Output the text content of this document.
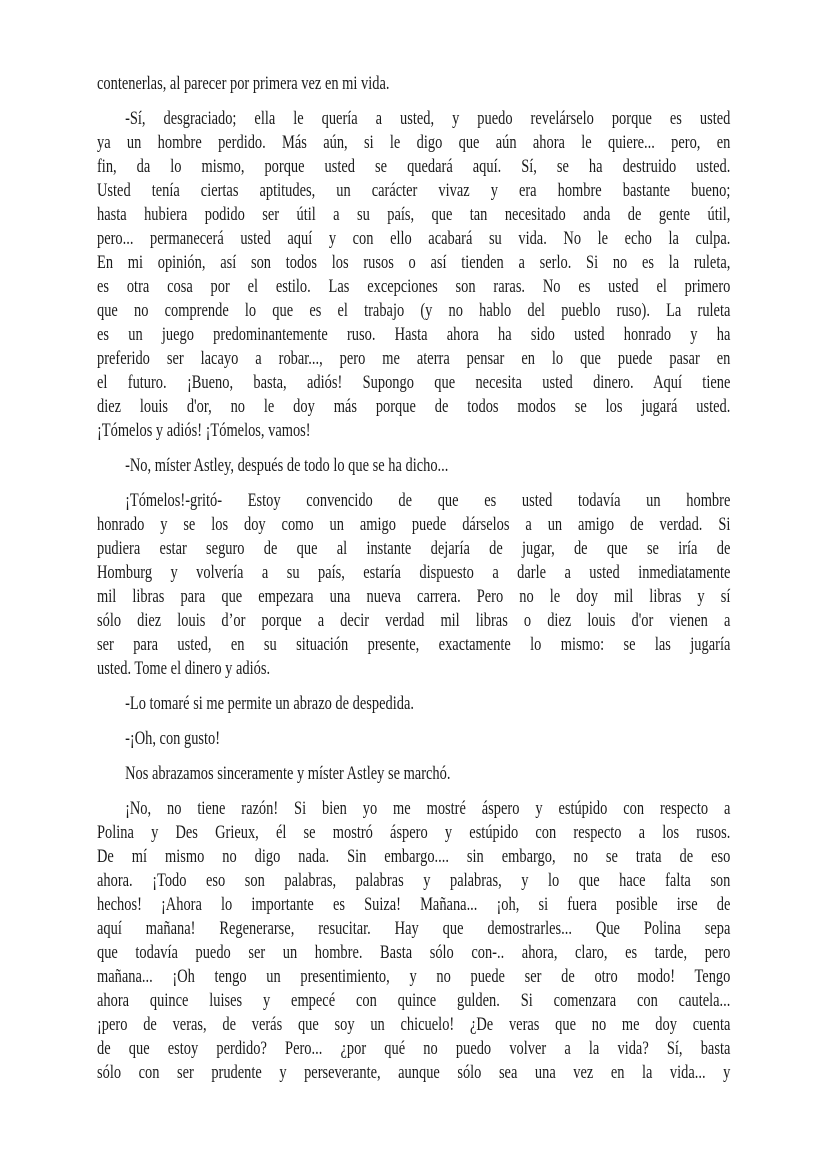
contenerlas, al parecer por primera vez en mi vida.
-Sí, desgraciado; ella le quería a usted, y puedo revelárselo porque es usted
ya un hombre perdido. Más aún, si le digo que aún ahora le quiere... pero, en
fin, da lo mismo, porque usted se quedará aquí. Sí, se ha destruido usted.
Usted tenía ciertas aptitudes, un carácter vivaz y era hombre bastante bueno;
hasta hubiera podido ser útil a su país, que tan necesitado anda de gente útil,
pero... permanecerá usted aquí y con ello acabará su vida. No le echo la culpa.
En mi opinión, así son todos los rusos o así tienden a serlo. Si no es la ruleta,
es otra cosa por el estilo. Las excepciones son raras. No es usted el primero
que no comprende lo que es el trabajo (y no hablo del pueblo ruso). La ruleta
es un juego predominantemente ruso. Hasta ahora ha sido usted honrado y ha
preferido ser lacayo a robar..., pero me aterra pensar en lo que puede pasar en
el futuro. ¡Bueno, basta, adiós! Supongo que necesita usted dinero. Aquí tiene
diez louis d'or, no le doy más porque de todos modos se los jugará usted.
¡Tómelos y adiós! ¡Tómelos, vamos!
-No, míster Astley, después de todo lo que se ha dicho...
¡Tómelos!-gritó- Estoy convencido de que es usted todavía un hombre
honrado y se los doy como un amigo puede dárselos a un amigo de verdad. Si
pudiera estar seguro de que al instante dejaría de jugar, de que se iría de
Homburg y volvería a su país, estaría dispuesto a darle a usted inmediatamente
mil libras para que empezara una nueva carrera. Pero no le doy mil libras y sí
sólo diez louis d’or porque a decir verdad mil libras o diez louis d'or vienen a
ser para usted, en su situación presente, exactamente lo mismo: se las jugaría
usted. Tome el dinero y adiós.
-Lo tomaré si me permite un abrazo de despedida.
-¡Oh, con gusto!
Nos abrazamos sinceramente y míster Astley se marchó.
¡No, no tiene razón! Si bien yo me mostré áspero y estúpido con respecto a
Polina y Des Grieux, él se mostró áspero y estúpido con respecto a los rusos.
De mí mismo no digo nada. Sin embargo.... sin embargo, no se trata de eso
ahora. ¡Todo eso son palabras, palabras y palabras, y lo que hace falta son
hechos! ¡Ahora lo importante es Suiza! Mañana... ¡oh, si fuera posible irse de
aquí mañana! Regenerarse, resucitar. Hay que demostrarles... Que Polina sepa
que todavía puedo ser un hombre. Basta sólo con-.. ahora, claro, es tarde, pero
mañana... ¡Oh tengo un presentimiento, y no puede ser de otro modo! Tengo
ahora quince luises y empecé con quince gulden. Si comenzara con cautela...
¡pero de veras, de verás que soy un chicuelo! ¿De veras que no me doy cuenta
de que estoy perdido? Pero... ¿por qué no puedo volver a la vida? Sí, basta
sólo con ser prudente y perseverante, aunque sólo sea una vez en la vida... y
